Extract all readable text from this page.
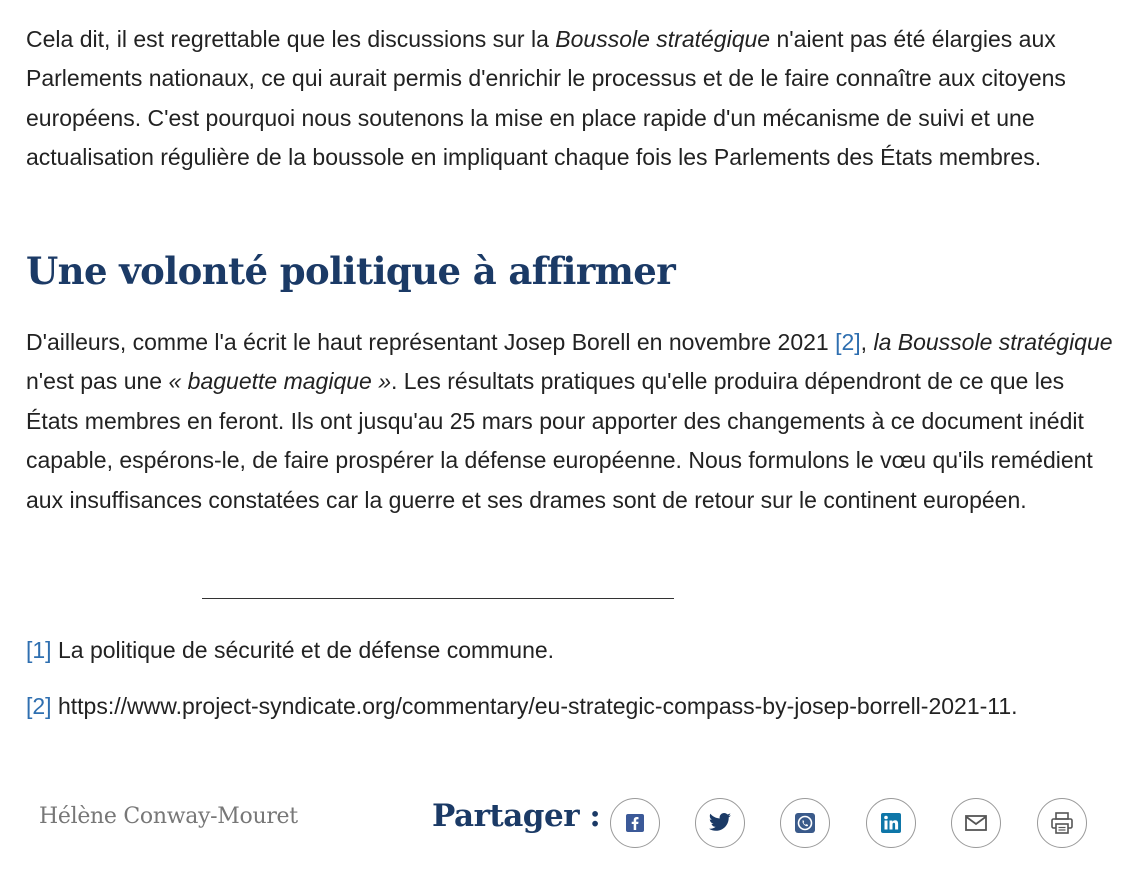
Cela dit, il est regrettable que les discussions sur la Boussole stratégique n'aient pas été élargies aux Parlements nationaux, ce qui aurait permis d'enrichir le processus et de le faire connaître aux citoyens européens. C'est pourquoi nous soutenons la mise en place rapide d'un mécanisme de suivi et une actualisation régulière de la boussole en impliquant chaque fois les Parlements des États membres.

Une volonté politique à affirmer

D'ailleurs, comme l'a écrit le haut représentant Josep Borell en novembre 2021 [2], la Boussole stratégique n'est pas une « baguette magique ». Les résultats pratiques qu'elle produira dépendront de ce que les États membres en feront. Ils ont jusqu'au 25 mars pour apporter des changements à ce document inédit capable, espérons-le, de faire prospérer la défense européenne. Nous formulons le vœu qu'ils remédient aux insuffisances constatées car la guerre et ses drames sont de retour sur le continent européen.

[1] La politique de sécurité et de défense commune.

[2] https://www.project-syndicate.org/commentary/eu-strategic-compass-by-josep-borrell-2021-11.

Hélène Conway-Mouret	Partager :
